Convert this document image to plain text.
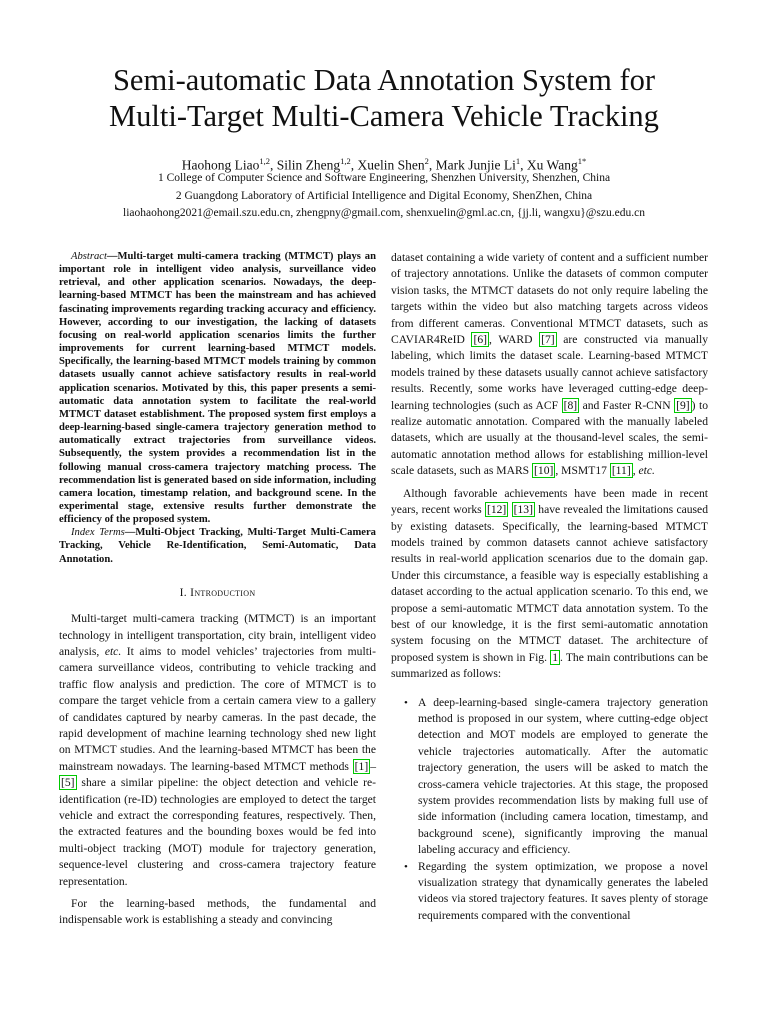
Semi-automatic Data Annotation System for
Multi-Target Multi-Camera Vehicle Tracking

Haohong Liao$^{1,2}$, Silin Zheng$^{1,2}$, Xuelin Shen$^2$, Mark Junjie Li$^1$, Xu Wang$^{1*}$

1 College of Computer Science and Software Engineering, Shenzhen University, Shenzhen, China

2 Guangdong Laboratory of Artificial Intelligence and Digital Economy, ShenZhen, China

liaohaohong2021@email.szu.edu.cn, zhengpny@gmail.com, shenxuelin@gml.ac.cn, {jj.li, wangxu}@szu.edu.cn

Abstract—Multi-target multi-camera tracking (MTMCT) plays an important role in intelligent video analysis, surveillance video retrieval, and other application scenarios. Nowadays, the deep-learning-based MTMCT has been the mainstream and has achieved fascinating improvements regarding tracking accuracy and efficiency. However, according to our investigation, the lacking of datasets focusing on real-world application scenarios limits the further improvements for current learning-based MTMCT models. Specifically, the learning-based MTMCT models training by common datasets usually cannot achieve satisfactory results in real-world application scenarios. Motivated by this, this paper presents a semi-automatic data annotation system to facilitate the real-world MTMCT dataset establishment. The proposed system first employs a deep-learning-based single-camera trajectory generation method to automatically extract trajectories from surveillance videos. Subsequently, the system provides a recommendation list in the following manual cross-camera trajectory matching process. The recommendation list is generated based on side information, including camera location, timestamp relation, and background scene. In the experimental stage, extensive results further demonstrate the efficiency of the proposed system.

Index Terms—Multi-Object Tracking, Multi-Target Multi-Camera Tracking, Vehicle Re-Identification, Semi-Automatic, Data Annotation.

I. Introduction

Multi-target multi-camera tracking (MTMCT) is an important technology in intelligent transportation, city brain, intelligent video analysis, etc. It aims to model vehicles’ trajectories from multi-camera surveillance videos, contributing to vehicle tracking and traffic flow analysis and prediction. The core of MTMCT is to compare the target vehicle from a certain camera view to a gallery of candidates captured by nearby cameras. In the past decade, the rapid development of machine learning technology shed new light on MTMCT studies. And the learning-based MTMCT has been the mainstream nowadays. The learning-based MTMCT methods [1] –[5] share a similar pipeline: the object detection and vehicle re-identification (re-ID) technologies are employed to detect the target vehicle and extract the corresponding features, respectively. Then, the extracted features and the bounding boxes would be fed into multi-object tracking (MOT) module for trajectory generation, sequence-level clustering and cross-camera trajectory feature representation.

For the learning-based methods, the fundamental and indispensable work is establishing a steady and convincing

dataset containing a wide variety of content and a sufficient number of trajectory annotations. Unlike the datasets of common computer vision tasks, the MTMCT datasets do not only require labeling the targets within the video but also matching targets across videos from different cameras. Conventional MTMCT datasets, such as CAVIAR4ReID [6] , WARD [7] are constructed via manually labeling, which limits the dataset scale. Learning-based MTMCT models trained by these datasets usually cannot achieve satisfactory results. Recently, some works have leveraged cutting-edge deep-learning technologies (such as ACF [8] and Faster R-CNN [9] ) to realize automatic annotation. Compared with the manually labeled datasets, which are usually at the thousand-level scales, the semi-automatic annotation method allows for establishing million-level scale datasets, such as MARS [10] , MSMT17 [11] , etc.

Although favorable achievements have been made in recent years, recent works [12] [13] have revealed the limitations caused by existing datasets. Specifically, the learning-based MTMCT models trained by common datasets cannot achieve satisfactory results in real-world application scenarios due to the domain gap. Under this circumstance, a feasible way is especially establishing a dataset according to the actual application scenario. To this end, we propose a semi-automatic MTMCT data annotation system. To the best of our knowledge, it is the first semi-automatic annotation system focusing on the MTMCT dataset. The architecture of proposed system is shown in Fig. 1 . The main contributions can be summarized as follows:

• A deep-learning-based single-camera trajectory generation method is proposed in our system, where cutting-edge object detection and MOT models are employed to generate the vehicle trajectories automatically. After the automatic trajectory generation, the users will be asked to match the cross-camera vehicle trajectories. At this stage, the proposed system provides recommendation lists by making full use of side information (including camera location, timestamp, and background scene), significantly improving the manual labeling accuracy and efficiency.
• Regarding the system optimization, we propose a novel visualization strategy that dynamically generates the labeled videos via stored trajectory features. It saves plenty of storage requirements compared with the conventional
